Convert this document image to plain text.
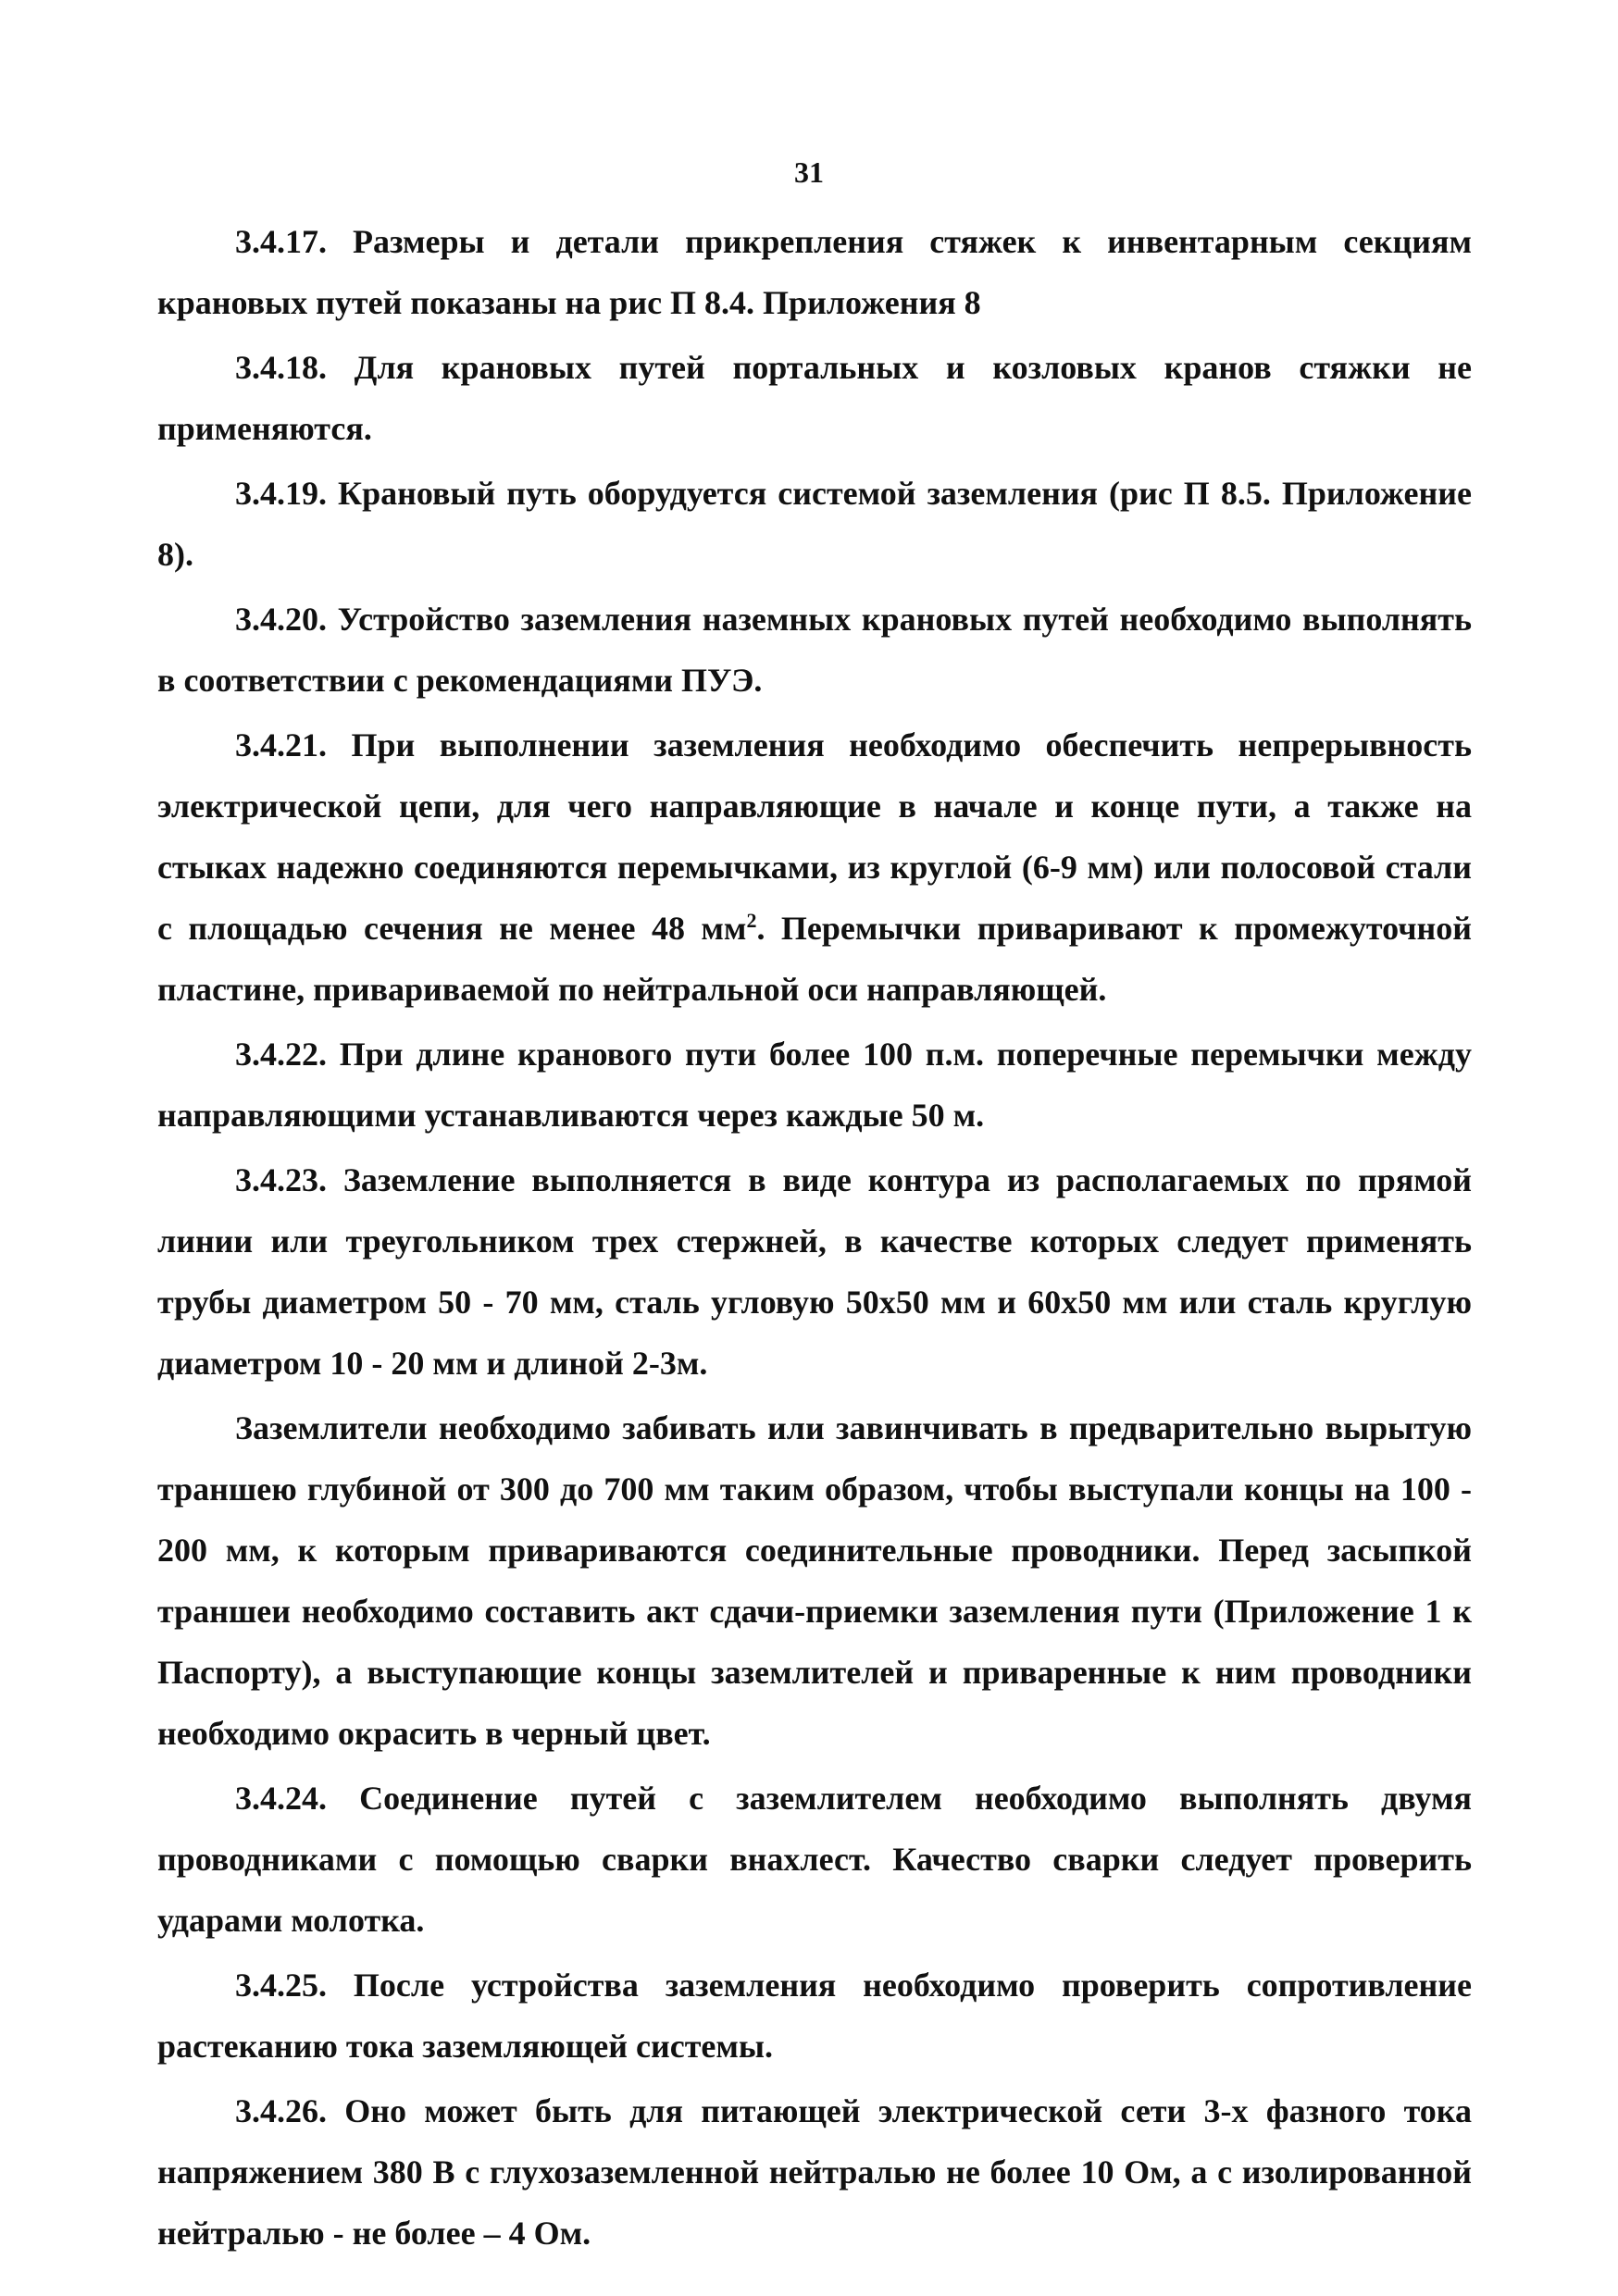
31

3.4.17. Размеры и детали прикрепления стяжек к инвентарным секциям крановых путей показаны на рис П 8.4. Приложения 8

3.4.18. Для крановых путей портальных и козловых кранов стяжки не применяются.

3.4.19. Крановый путь оборудуется системой заземления (рис П 8.5. Приложение 8).

3.4.20. Устройство заземления наземных крановых путей необходимо выполнять в соответствии с рекомендациями ПУЭ.

3.4.21. При выполнении заземления необходимо обеспечить непрерывность электрической цепи, для чего направляющие в начале и конце пути, а также на стыках надежно соединяются перемычками, из круглой (6-9 мм) или полосовой стали с площадью сечения не менее 48 $мм^2$. Перемычки приваривают к промежуточной пластине, привариваемой по нейтральной оси направляющей.

3.4.22. При длине кранового пути более 100 п.м. поперечные перемычки между направляющими устанавливаются через каждые 50 м.

3.4.23. Заземление выполняется в виде контура из располагаемых по прямой линии или треугольником трех стержней, в качестве которых следует применять трубы диаметром 50 - 70 мм, сталь угловую 50х50 мм и 60х50 мм или сталь круглую диаметром 10 - 20 мм и длиной 2-3м.

Заземлители необходимо забивать или завинчивать в предварительно вырытую траншею глубиной от 300 до 700 мм таким образом, чтобы выступали концы на 100 - 200 мм, к которым привариваются соединительные проводники. Перед засыпкой траншеи необходимо составить акт сдачи-приемки заземления пути (Приложение 1 к Паспорту), а выступающие концы заземлителей и приваренные к ним проводники необходимо окрасить в черный цвет.

3.4.24. Соединение путей с заземлителем необходимо выполнять двумя проводниками с помощью сварки внахлест. Качество сварки следует проверить ударами молотка.

3.4.25. После устройства заземления необходимо проверить сопротивление растеканию тока заземляющей системы.

3.4.26. Оно может быть для питающей электрической сети 3-х фазного тока напряжением 380 В с глухозаземленной нейтралью не более 10 Ом, а с изолированной нейтралью - не более – 4 Ом.
